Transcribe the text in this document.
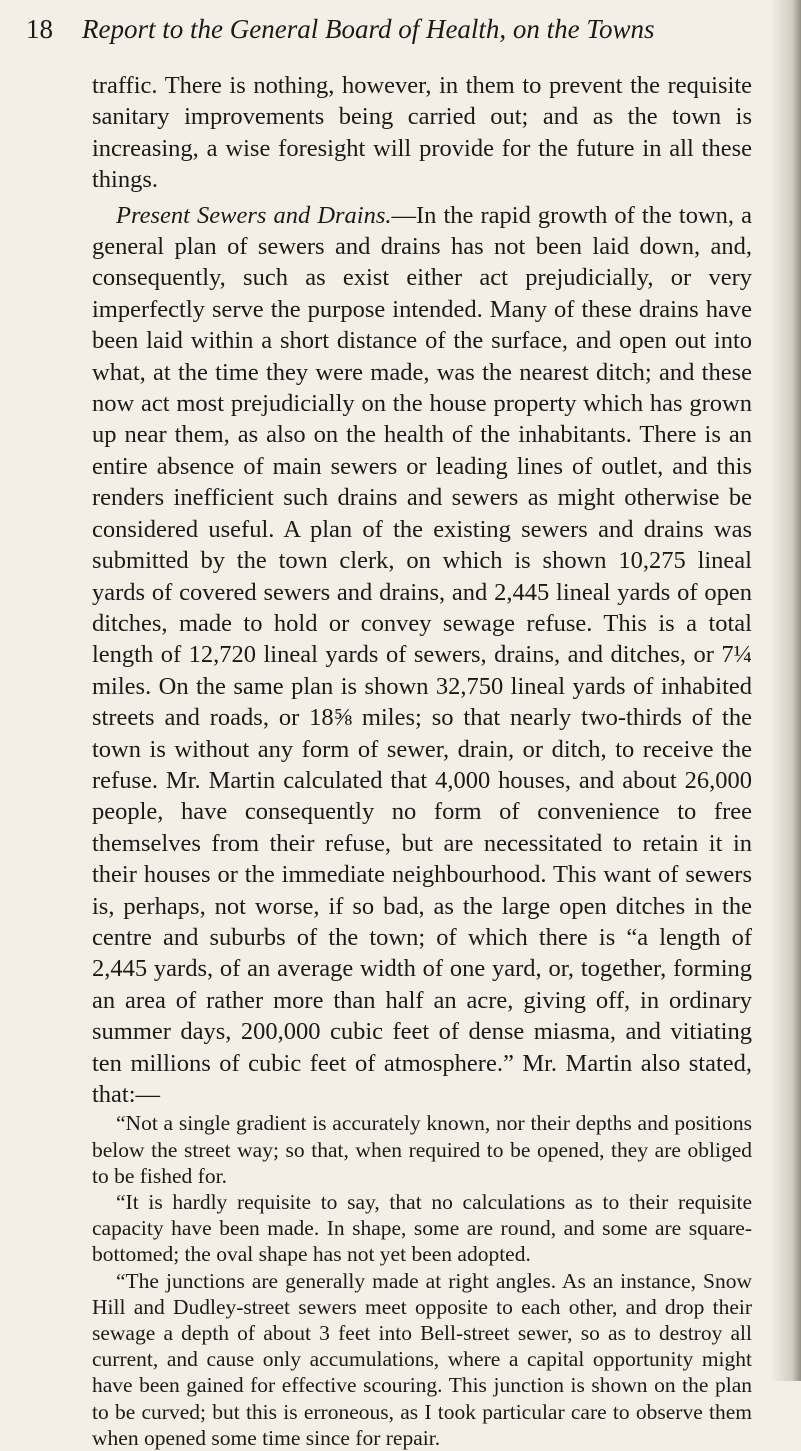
18 Report to the General Board of Health, on the Towns

traffic. There is nothing, however, in them to prevent the requisite sanitary improvements being carried out; and as the town is increasing, a wise foresight will provide for the future in all these things.

Present Sewers and Drains.—In the rapid growth of the town, a general plan of sewers and drains has not been laid down, and, consequently, such as exist either act prejudicially, or very imperfectly serve the purpose intended. Many of these drains have been laid within a short distance of the surface, and open out into what, at the time they were made, was the nearest ditch; and these now act most prejudicially on the house property which has grown up near them, as also on the health of the inhabitants. There is an entire absence of main sewers or leading lines of outlet, and this renders inefficient such drains and sewers as might otherwise be considered useful. A plan of the existing sewers and drains was submitted by the town clerk, on which is shown 10,275 lineal yards of covered sewers and drains, and 2,445 lineal yards of open ditches, made to hold or convey sewage refuse. This is a total length of 12,720 lineal yards of sewers, drains, and ditches, or 7¼ miles. On the same plan is shown 32,750 lineal yards of inhabited streets and roads, or 18⅝ miles; so that nearly two-thirds of the town is without any form of sewer, drain, or ditch, to receive the refuse. Mr. Martin calculated that 4,000 houses, and about 26,000 people, have consequently no form of convenience to free themselves from their refuse, but are necessitated to retain it in their houses or the immediate neighbourhood. This want of sewers is, perhaps, not worse, if so bad, as the large open ditches in the centre and suburbs of the town; of which there is “a length of 2,445 yards, of an average width of one yard, or, together, forming an area of rather more than half an acre, giving off, in ordinary summer days, 200,000 cubic feet of dense miasma, and vitiating ten millions of cubic feet of atmosphere.” Mr. Martin also stated, that:—

“Not a single gradient is accurately known, nor their depths and positions below the street way; so that, when required to be opened, they are obliged to be fished for.

“It is hardly requisite to say, that no calculations as to their requisite capacity have been made. In shape, some are round, and some are square-bottomed; the oval shape has not yet been adopted.

“The junctions are generally made at right angles. As an instance, Snow Hill and Dudley-street sewers meet opposite to each other, and drop their sewage a depth of about 3 feet into Bell-street sewer, so as to destroy all current, and cause only accumulations, where a capital opportunity might have been gained for effective scouring. This junction is shown on the plan to be curved; but this is erroneous, as I took particular care to observe them when opened some time since for repair.
